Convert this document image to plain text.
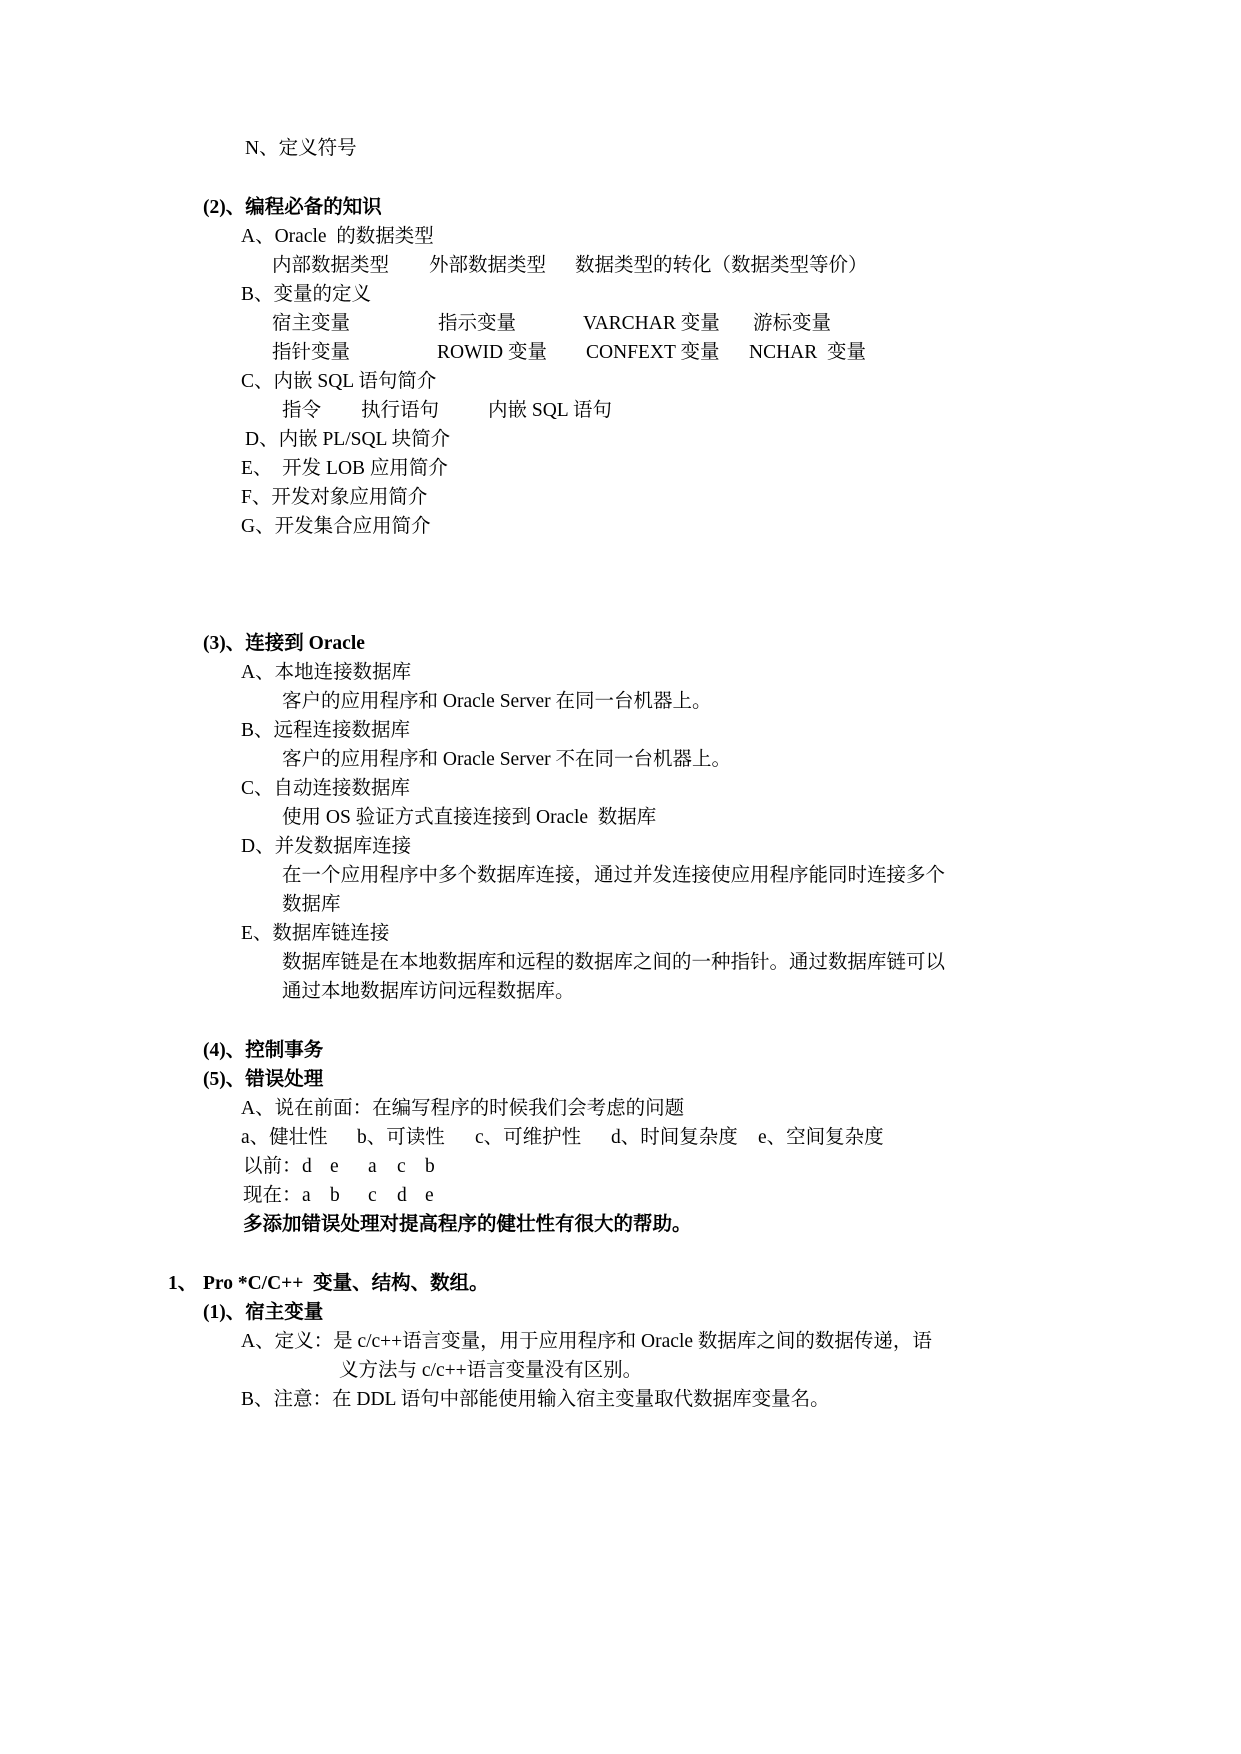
N、定义符号
(2)、编程必备的知识
A、Oracle  的数据类型
内部数据类型 外部数据类型 数据类型的转化（数据类型等价）
B、变量的定义
宿主变量	指示变量	VARCHAR 变量 游标变量
指针变量	ROWID 变量 CONFEXT 变量 NCHAR  变量
C、内嵌 SQL 语句简介
指令 执行语句	内嵌 SQL 语句
D、内嵌 PL/SQL 块简介
E、  开发 LOB 应用简介
F、开发对象应用简介
G、开发集合应用简介
(3)、连接到 Oracle
A、本地连接数据库
客户的应用程序和 Oracle Server 在同一台机器上。
B、远程连接数据库
客户的应用程序和 Oracle Server 不在同一台机器上。
C、自动连接数据库
使用 OS 验证方式直接连接到 Oracle  数据库
D、并发数据库连接
在一个应用程序中多个数据库连接，通过并发连接使应用程序能同时连接多个
数据库
E、数据库链连接
数据库链是在本地数据库和远程的数据库之间的一种指针。通过数据库链可以
通过本地数据库访问远程数据库。
(4)、控制事务
(5)、错误处理
A、说在前面：在编写程序的时候我们会考虑的问题
a、健壮性 b、可读性 c、可维护性 d、时间复杂度 e、空间复杂度
以前： d e a c b
现在： a b c d e
多添加错误处理对提高程序的健壮性有很大的帮助。
1、 Pro *C/C++  变量、结构、数组。
(1)、宿主变量
A、定义：是 c/c++语言变量，用于应用程序和 Oracle 数据库之间的数据传递，语
义方法与 c/c++语言变量没有区别。
B、注意：在 DDL 语句中部能使用输入宿主变量取代数据库变量名。
